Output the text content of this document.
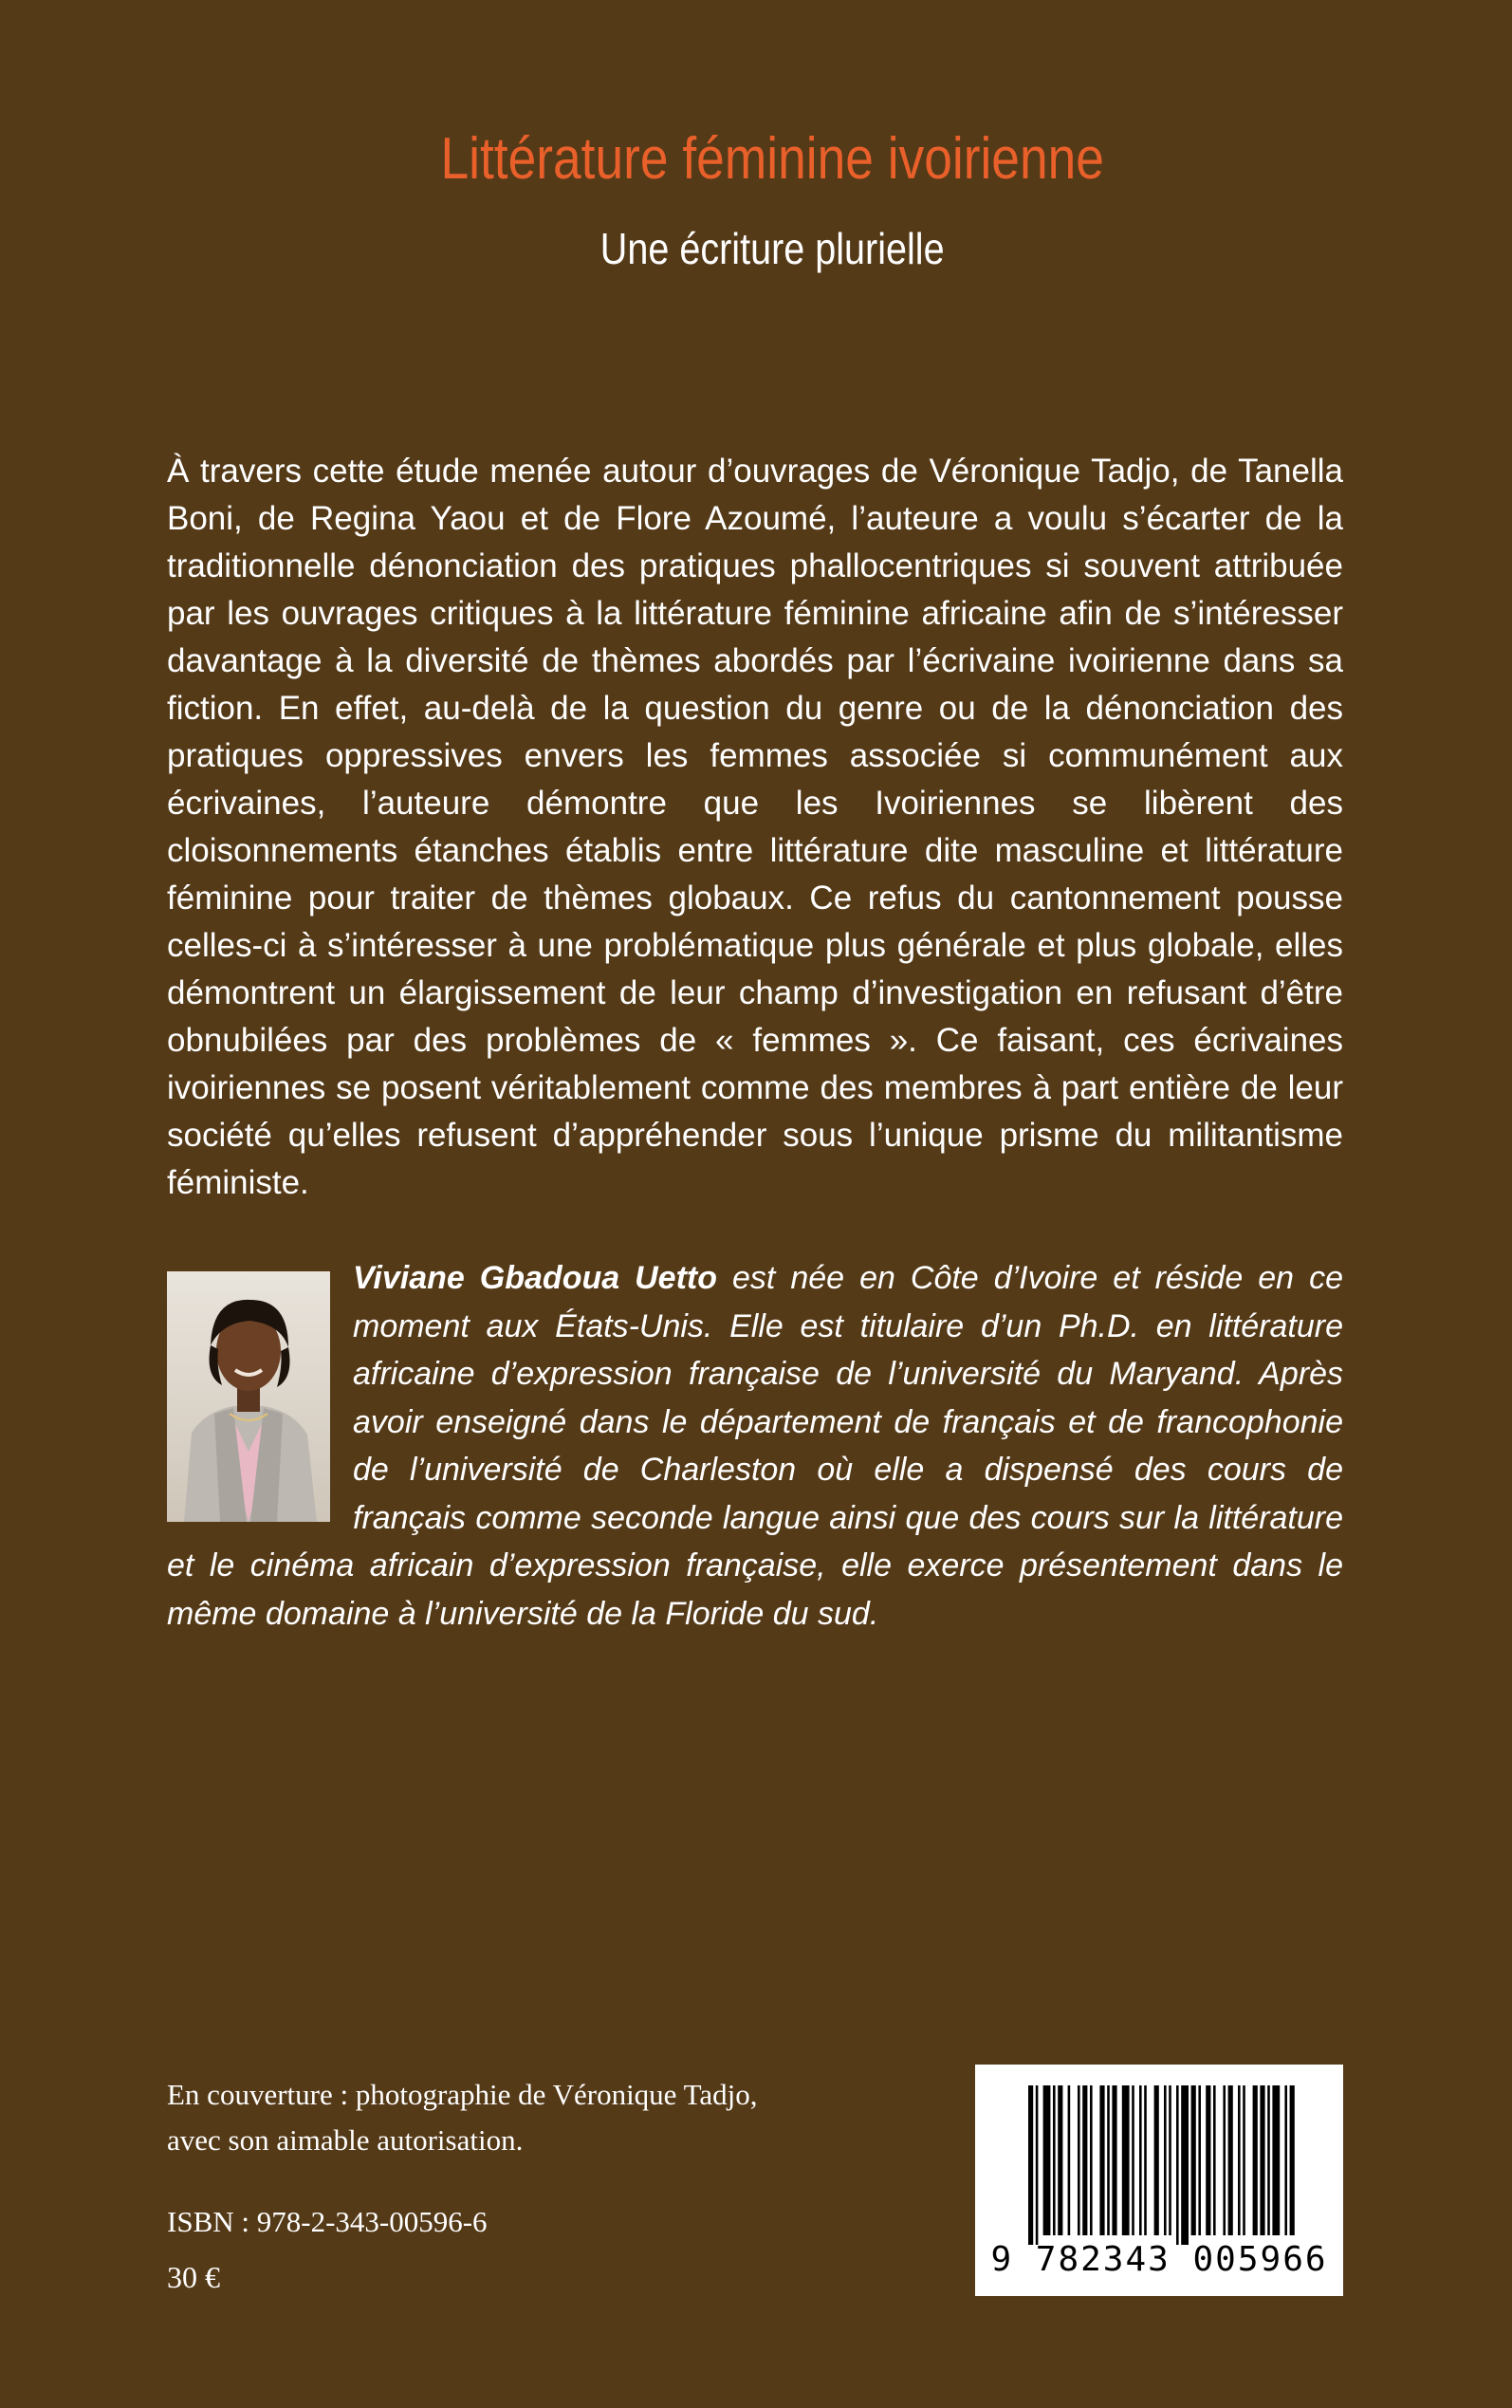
Littérature féminine ivoirienne
Une écriture plurielle

À travers cette étude menée autour d’ouvrages de Véronique Tadjo, de Tanella Boni, de Regina Yaou et de Flore Azoumé, l’auteure a voulu s’écarter de la traditionnelle dénonciation des pratiques phallocentriques si souvent attribuée par les ouvrages critiques à la littérature féminine africaine afin de s’intéresser davantage à la diversité de thèmes abordés par l’écrivaine ivoirienne dans sa fiction. En effet, au-delà de la question du genre ou de la dénonciation des pratiques oppressives envers les femmes associée si communément aux écrivaines, l’auteure démontre que les Ivoiriennes se libèrent des cloisonnements étanches établis entre littérature dite masculine et littérature féminine pour traiter de thèmes globaux. Ce refus du cantonnement pousse celles-ci à s’intéresser à une problématique plus générale et plus globale, elles démontrent un élargissement de leur champ d’investigation en refusant d’être obnubilées par des problèmes de « femmes ». Ce faisant, ces écrivaines ivoiriennes se posent véritablement comme des membres à part entière de leur société qu’elles refusent d’appréhender sous l’unique prisme du militantisme féministe.

Viviane Gbadoua Uetto est née en Côte d’Ivoire et réside en ce moment aux États-Unis. Elle est titulaire d’un Ph.D. en littérature africaine d’expression française de l’université du Maryand. Après avoir enseigné dans le département de français et de francophonie de l’université de Charleston où elle a dispensé des cours de français comme seconde langue ainsi que des cours sur la littérature et le cinéma africain d’expression française, elle exerce présentement dans le même domaine à l’université de la Floride du sud.

En couverture : photographie de Véronique Tadjo,
avec son aimable autorisation.

ISBN : 978-2-343-00596-6
30 €	9 782343 005966
